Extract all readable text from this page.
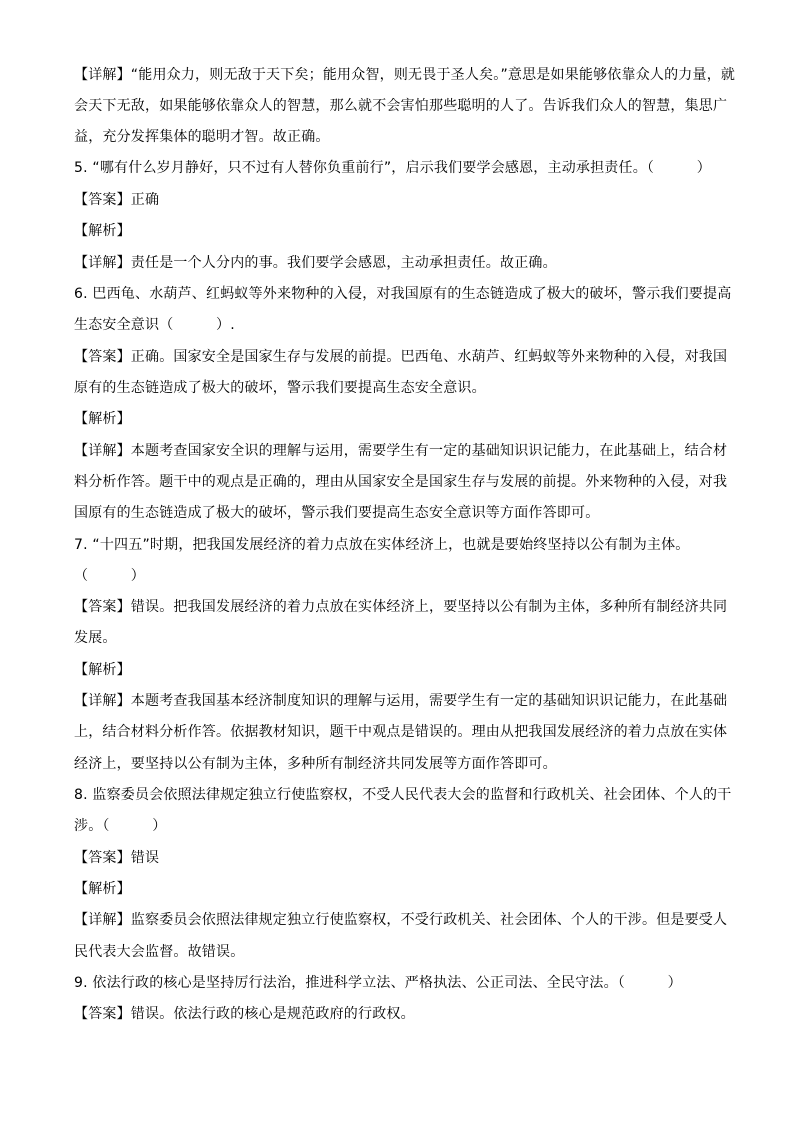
【详解】“能用众力，则无敌于天下矣；能用众智，则无畏于圣人矣。”意思是如果能够依靠众人的力量，就
会天下无敌，如果能够依靠众人的智慧，那么就不会害怕那些聪明的人了。告诉我们众人的智慧，集思广
益，充分发挥集体的聪明才智。故正确。
5. “哪有什么岁月静好，只不过有人替你负重前行”，启示我们要学会感恩，主动承担责任。（　　　）
【答案】正确
【解析】
【详解】责任是一个人分内的事。我们要学会感恩，主动承担责任。故正确。
6. 巴西龟、水葫芦、红蚂蚁等外来物种的入侵，对我国原有的生态链造成了极大的破坏，警示我们要提高
生态安全意识（　　　）.
【答案】正确。国家安全是国家生存与发展的前提。巴西龟、水葫芦、红蚂蚁等外来物种的入侵，对我国
原有的生态链造成了极大的破坏，警示我们要提高生态安全意识。
【解析】
【详解】本题考查国家安全识的理解与运用，需要学生有一定的基础知识识记能力，在此基础上，结合材
料分析作答。题干中的观点是正确的，理由从国家安全是国家生存与发展的前提。外来物种的入侵，对我
国原有的生态链造成了极大的破坏，警示我们要提高生态安全意识等方面作答即可。
7. “十四五”时期，把我国发展经济的着力点放在实体经济上，也就是要始终坚持以公有制为主体。
（　　　）
【答案】错误。把我国发展经济的着力点放在实体经济上，要坚持以公有制为主体，多种所有制经济共同
发展。
【解析】
【详解】本题考查我国基本经济制度知识的理解与运用，需要学生有一定的基础知识识记能力，在此基础
上，结合材料分析作答。依据教材知识，题干中观点是错误的。理由从把我国发展经济的着力点放在实体
经济上，要坚持以公有制为主体，多种所有制经济共同发展等方面作答即可。
8. 监察委员会依照法律规定独立行使监察权，不受人民代表大会的监督和行政机关、社会团体、个人的干
涉。（　　　）
【答案】错误
【解析】
【详解】监察委员会依照法律规定独立行使监察权，不受行政机关、社会团体、个人的干涉。但是要受人
民代表大会监督。故错误。
9. 依法行政的核心是坚持厉行法治，推进科学立法、严格执法、公正司法、全民守法。（　　　）
【答案】错误。依法行政的核心是规范政府的行政权。
